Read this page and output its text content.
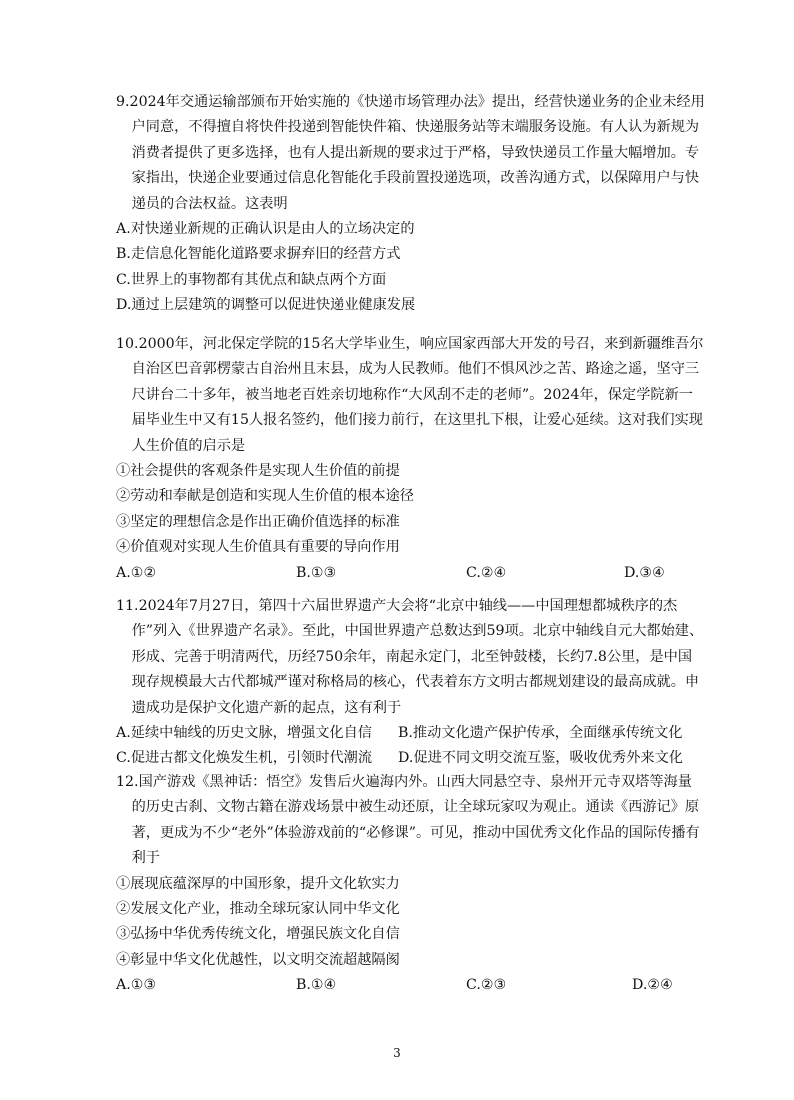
9.2024年交通运输部颁布开始实施的《快递市场管理办法》提出，经营快递业务的企业未经用户同意，不得擅自将快件投递到智能快件箱、快递服务站等末端服务设施。有人认为新规为消费者提供了更多选择，也有人提出新规的要求过于严格，导致快递员工作量大幅增加。专家指出，快递企业要通过信息化智能化手段前置投递选项，改善沟通方式，以保障用户与快递员的合法权益。这表明

A.对快递业新规的正确认识是由人的立场决定的

B.走信息化智能化道路要求摒弃旧的经营方式

C.世界上的事物都有其优点和缺点两个方面

D.通过上层建筑的调整可以促进快递业健康发展

10.2000年，河北保定学院的15名大学毕业生，响应国家西部大开发的号召，来到新疆维吾尔自治区巴音郭楞蒙古自治州且末县，成为人民教师。他们不惧风沙之苦、路途之遥，坚守三尺讲台二十多年，被当地老百姓亲切地称作“大风刮不走的老师”。2024年，保定学院新一届毕业生中又有15人报名签约，他们接力前行，在这里扎下根，让爱心延续。这对我们实现人生价值的启示是

①社会提供的客观条件是实现人生价值的前提

②劳动和奉献是创造和实现人生价值的根本途径

③坚定的理想信念是作出正确价值选择的标准

④价值观对实现人生价值具有重要的导向作用

A.①②	B.①③	C.②④	D.③④

11.2024年7月27日，第四十六届世界遗产大会将“北京中轴线——中国理想都城秩序的杰作”列入《世界遗产名录》。至此，中国世界遗产总数达到59项。北京中轴线自元大都始建、形成、完善于明清两代，历经750余年，南起永定门，北至钟鼓楼，长约7.8公里，是中国现存规模最大古代都城严谨对称格局的核心，代表着东方文明古都规划建设的最高成就。申遗成功是保护文化遗产新的起点，这有利于

A.延续中轴线的历史文脉，增强文化自信	B.推动文化遗产保护传承，全面继承传统文化

C.促进古都文化焕发生机，引领时代潮流	D.促进不同文明交流互鉴，吸收优秀外来文化

12.国产游戏《黑神话：悟空》发售后火遍海内外。山西大同悬空寺、泉州开元寺双塔等海量的历史古刹、文物古籍在游戏场景中被生动还原，让全球玩家叹为观止。通读《西游记》原著，更成为不少“老外”体验游戏前的“必修课”。可见，推动中国优秀文化作品的国际传播有利于

①展现底蕴深厚的中国形象，提升文化软实力

②发展文化产业，推动全球玩家认同中华文化

③弘扬中华优秀传统文化，增强民族文化自信

④彰显中华文化优越性，以文明交流超越隔阂

A.①③	B.①④	C.②③	D.②④

3
